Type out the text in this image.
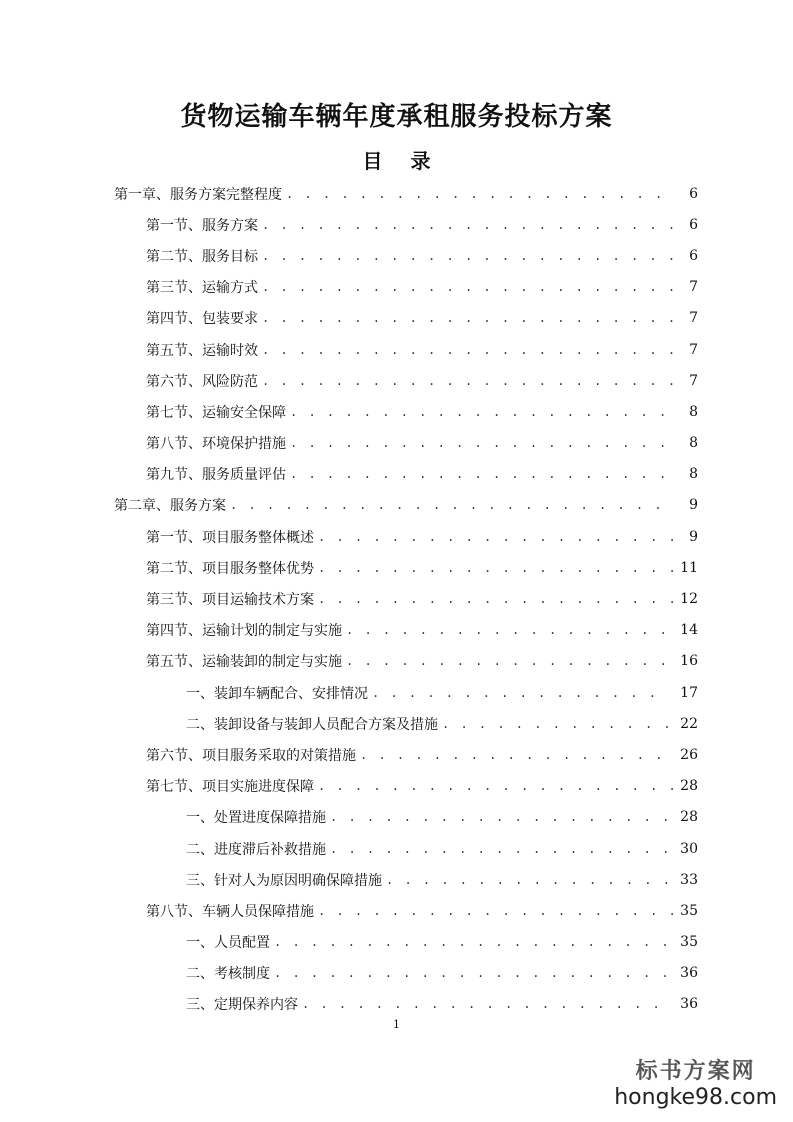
货物运输车辆年度承租服务投标方案
目 录
第一章、服务方案完整程度 . . .	6
第一节、服务方案 . . .	6
第二节、服务目标 . . .	6
第三节、运输方式 . . .	7
第四节、包装要求 . . .	7
第五节、运输时效 . . .	7
第六节、风险防范 . . .	7
第七节、运输安全保障 . . .	8
第八节、环境保护措施 . . .	8
第九节、服务质量评估 . . .	8
第二章、服务方案 . . .	9
第一节、项目服务整体概述 . . .	9
第二节、项目服务整体优势 . . .	11
第三节、项目运输技术方案 . . .	12
第四节、运输计划的制定与实施 . . .	14
第五节、运输装卸的制定与实施 . . .	16
一、装卸车辆配合、安排情况 . . .	17
二、装卸设备与装卸人员配合方案及措施 . . .	22
第六节、项目服务采取的对策措施 . . .	26
第七节、项目实施进度保障 . . .	28
一、处置进度保障措施 . . .	28
二、进度滞后补救措施 . . .	30
三、针对人为原因明确保障措施 . . .	33
第八节、车辆人员保障措施 . . .	35
一、人员配置 . . .	35
二、考核制度 . . .	36
三、定期保养内容 . . .	36
1
标书方案网
hongke98.com
